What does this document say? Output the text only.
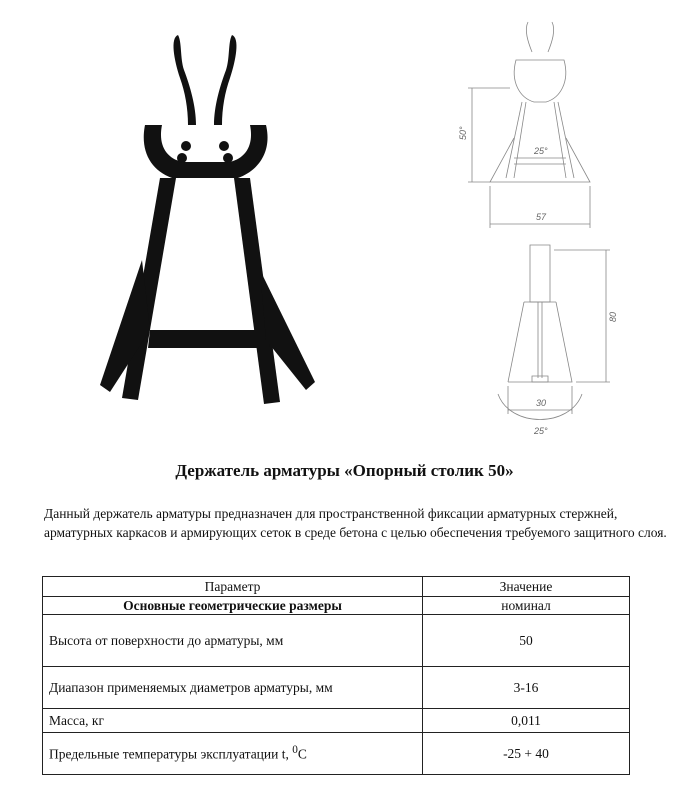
50°
25°
57
80
30
25°
Держатель арматуры «Опорный столик 50»
Данный держатель арматуры предназначен для пространственной фиксации арматурных стержней, арматурных каркасов и армирующих сеток в среде бетона с целью обеспечения требуемого защитного слоя.
Параметр	Значение
Основные геометрические размеры	номинал
Высота от поверхности до арматуры, мм	50
Диапазон применяемых диаметров арматуры, мм	3-16
Масса, кг	0,011
Предельные температуры эксплуатации t, $^0$C	-25 + 40
